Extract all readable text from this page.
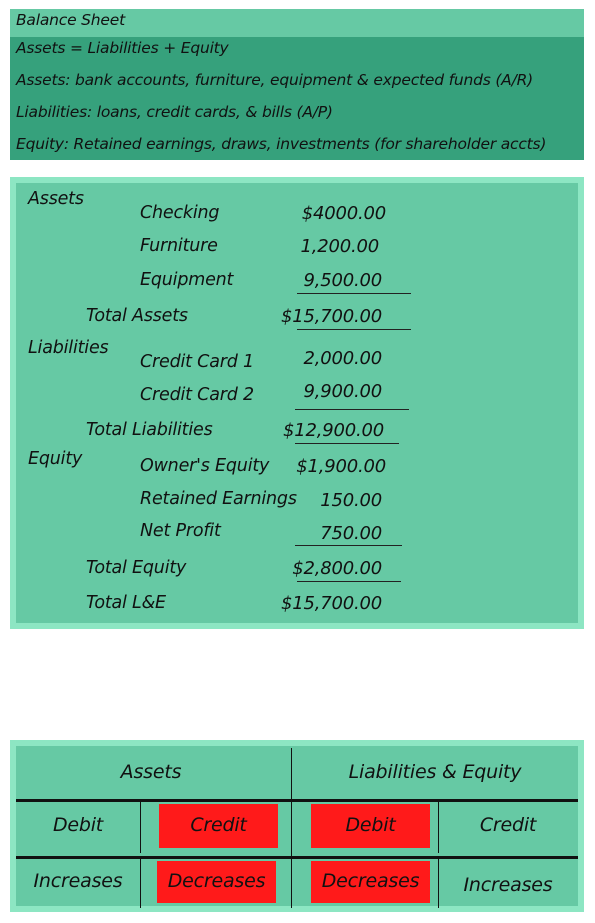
Balance Sheet
Assets = Liabilities + Equity
Assets: bank accounts, furniture, equipment & expected funds (A/R)
Liabilities: loans, credit cards, & bills (A/P)
Equity: Retained earnings, draws, investments (for shareholder accts)
Assets
Checking	$4000.00
Furniture	1,200.00
Equipment	9,500.00
Total Assets	$15,700.00
Liabilities
Credit Card 1	2,000.00
Credit Card 2	9,900.00
Total Liabilities	$12,900.00
Equity	Owner's Equity	$1,900.00
Retained Earnings	150.00
Net Profit	750.00
Total Equity	$2,800.00
Total L&E	$15,700.00
Assets	Liabilities & Equity
Debit	Credit	Debit	Credit
Increases	Decreases	Decreases	Increases
